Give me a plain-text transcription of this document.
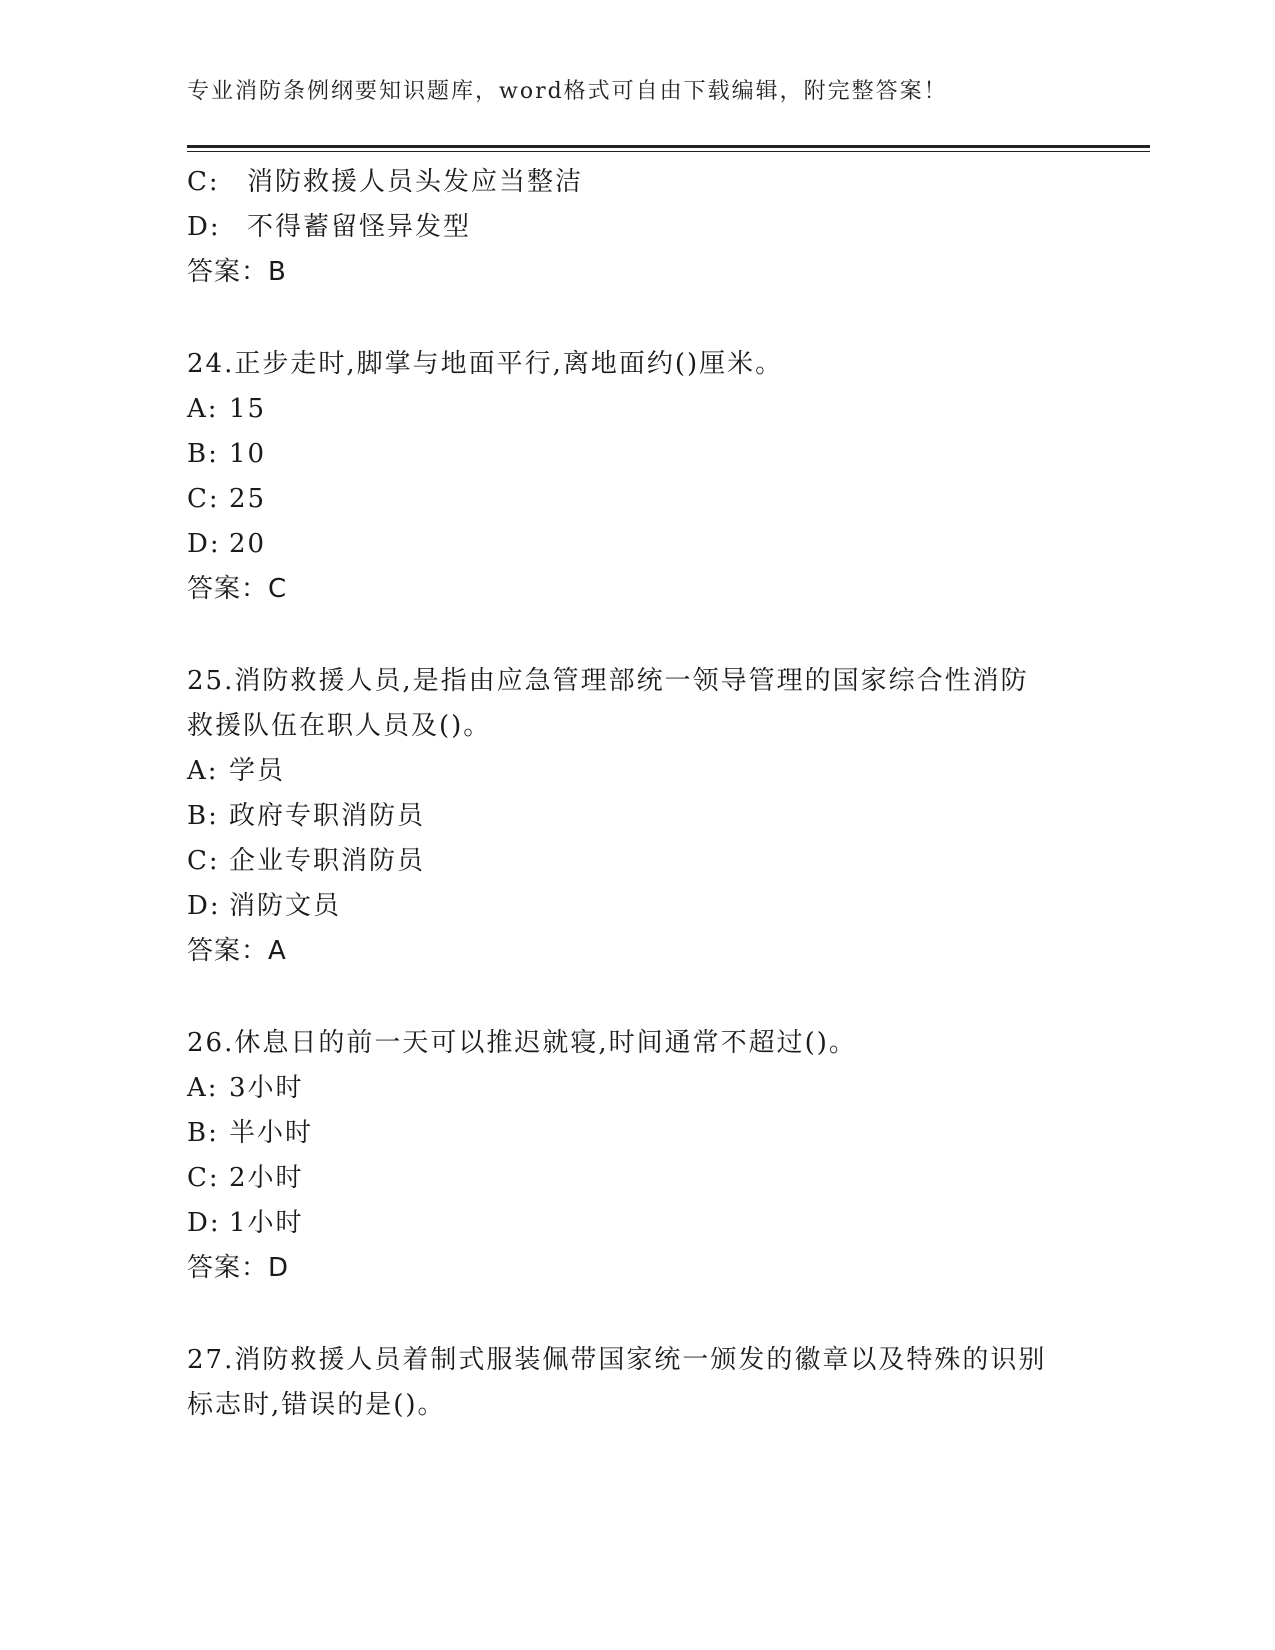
专业消防条例纲要知识题库，word格式可自由下载编辑，附完整答案！
C: 消防救援人员头发应当整洁
D: 不得蓄留怪异发型
答案：B
24.正步走时,脚掌与地面平行,离地面约()厘米。
A: 15
B: 10
C: 25
D: 20
答案：C
25.消防救援人员,是指由应急管理部统一领导管理的国家综合性消防
救援队伍在职人员及()。
A: 学员
B: 政府专职消防员
C: 企业专职消防员
D: 消防文员
答案：A
26.休息日的前一天可以推迟就寝,时间通常不超过()。
A: 3小时
B: 半小时
C: 2小时
D: 1小时
答案：D
27.消防救援人员着制式服装佩带国家统一颁发的徽章以及特殊的识别
标志时,错误的是()。
